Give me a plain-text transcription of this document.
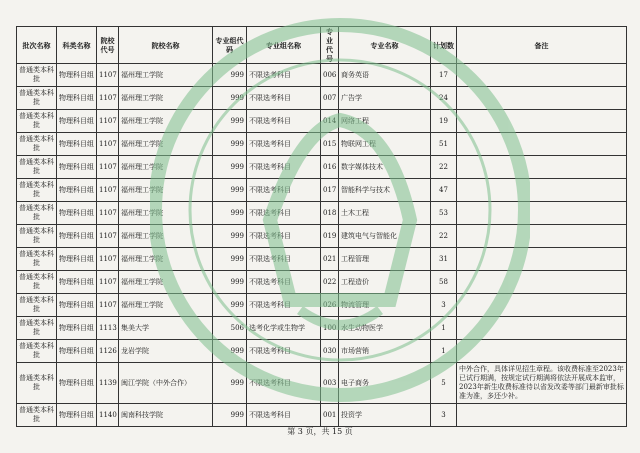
批次名称	科类名称	院校代号	院校名称	专业组代码	专业组名称	专业代号	专业名称	计划数	备注
普通类本科批	物理科目组	1107	福州理工学院	999	不限选考科目	006	商务英语	17	
普通类本科批	物理科目组	1107	福州理工学院	999	不限选考科目	007	广告学	24	
普通类本科批	物理科目组	1107	福州理工学院	999	不限选考科目	014	网络工程	19	
普通类本科批	物理科目组	1107	福州理工学院	999	不限选考科目	015	物联网工程	51	
普通类本科批	物理科目组	1107	福州理工学院	999	不限选考科目	016	数字媒体技术	22	
普通类本科批	物理科目组	1107	福州理工学院	999	不限选考科目	017	智能科学与技术	47	
普通类本科批	物理科目组	1107	福州理工学院	999	不限选考科目	018	土木工程	53	
普通类本科批	物理科目组	1107	福州理工学院	999	不限选考科目	019	建筑电气与智能化	22	
普通类本科批	物理科目组	1107	福州理工学院	999	不限选考科目	021	工程管理	31	
普通类本科批	物理科目组	1107	福州理工学院	999	不限选考科目	022	工程造价	58	
普通类本科批	物理科目组	1107	福州理工学院	999	不限选考科目	026	物流管理	3	
普通类本科批	物理科目组	1113	集美大学	506	选考化学或生物学	100	水生动物医学	1	
普通类本科批	物理科目组	1126	龙岩学院	999	不限选考科目	030	市场营销	1	
普通类本科批	物理科目组	1139	闽江学院（中外合作）	999	不限选考科目	003	电子商务	5	中外合作，具体详见招生章程。该收费标准至2023年已试行期满，按规定试行期满将依法开展成本监审，2023年新生收费标准待以省发改委等部门最新审批标准为准，多还少补。
普通类本科批	物理科目组	1140	闽南科技学院	999	不限选考科目	001	投资学	3	
第 3 页，共 15 页
